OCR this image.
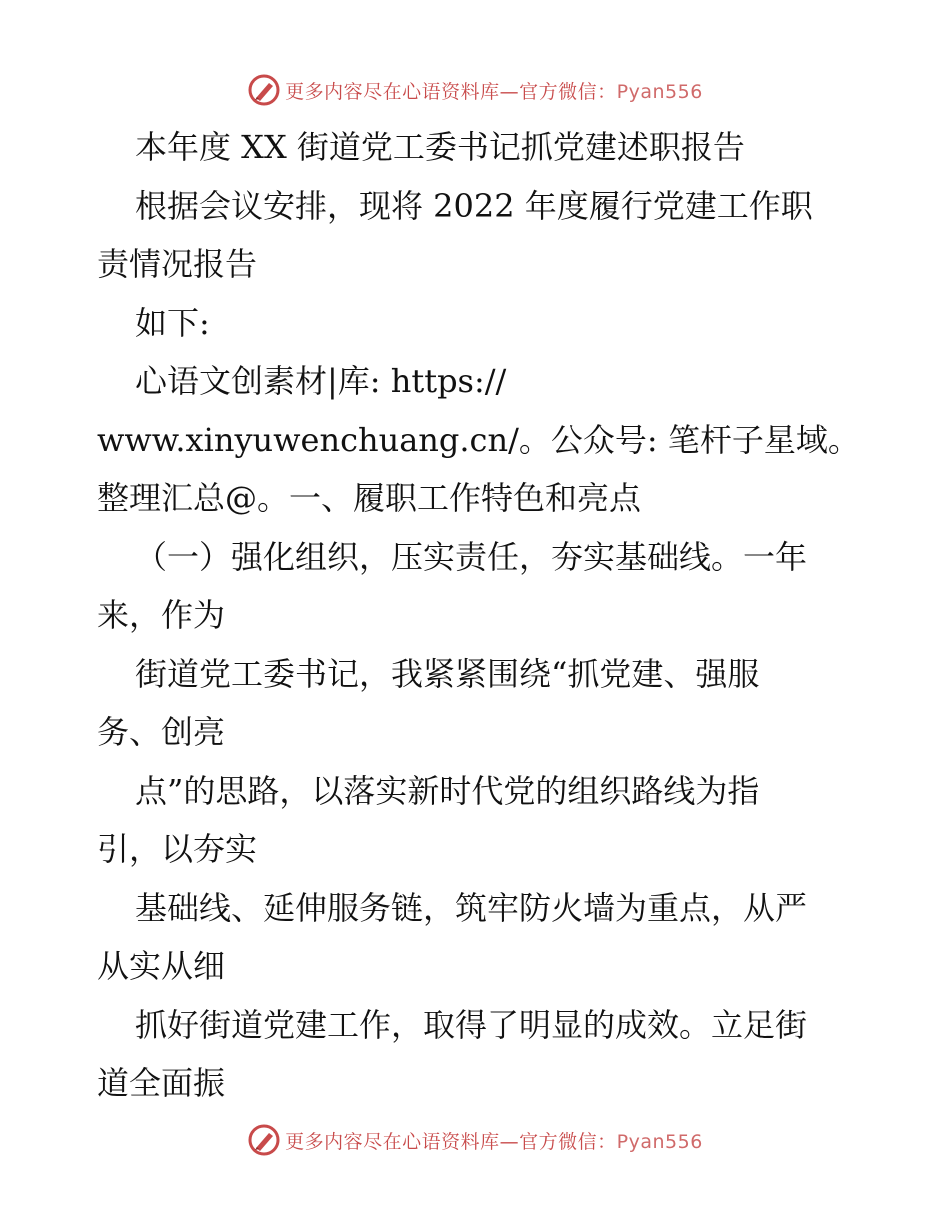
更多内容尽在心语资料库—官方微信：Pyan556
本年度 XX 街道党工委书记抓党建述职报告
根据会议安排，现将 2022 年度履行党建工作职
责情况报告
如下:
心语文创素材|库: https://
www.xinyuwenchuang.cn/。公众号: 笔杆子星域。
整理汇总@。一、履职工作特色和亮点
（一）强化组织，压实责任，夯实基础线。一年
来，作为
街道党工委书记，我紧紧围绕“抓党建、强服
务、创亮
点”的思路，以落实新时代党的组织路线为指
引，以夯实
基础线、延伸服务链，筑牢防火墙为重点，从严
从实从细
抓好街道党建工作，取得了明显的成效。立足街
道全面振
更多内容尽在心语资料库—官方微信：Pyan556
